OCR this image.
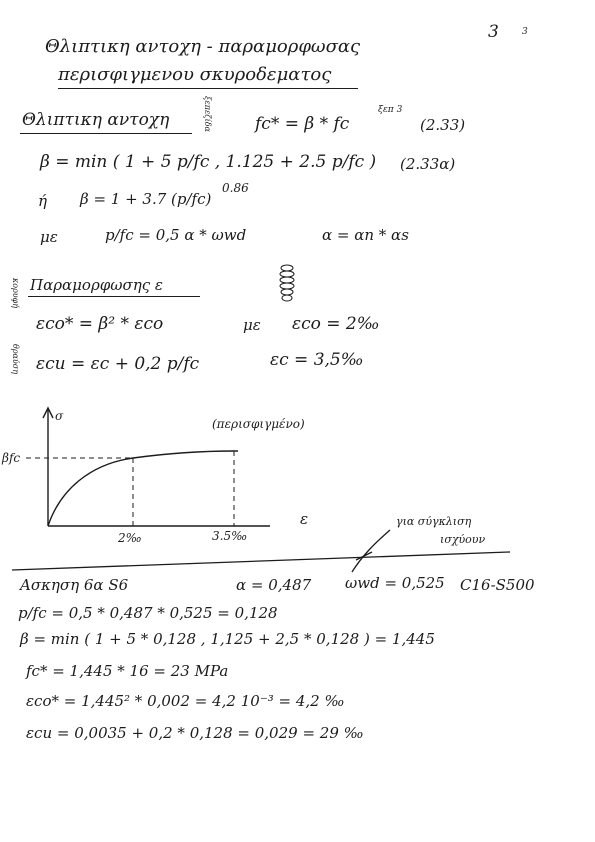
3	3
Θλιπτικη αντοχη - παραμορφωσας
περισφιγμενου σκυροδεματος
Θλιπτικη αντοχη	ξεπεζίδα	fc* = β * fc
ξεπ 3
(2.33)
β = min ( 1 + 5 p/fc , 1.125 + 2.5 p/fc ) (2.33α)
ή β = 1 + 3.7 (p/fc)
0.86
με	p/fc = 0,5 α * ωwd	α = αn * αs
Παραμορφωσης ε
κορυφή
θραύση
εco* = β² * εco	με εco = 2‰
εcu = εc + 0,2 p/fc	εc = 3,5‰
σ
βfc
(περισφιγμένο)
ε
2‰	3.5‰
για σύγκλιση
ισχύουν
Ασκηση 6α S6	α = 0,487 ωwd = 0,525 C16-S500
p/fc = 0,5 * 0,487 * 0,525 = 0,128
β = min ( 1 + 5 * 0,128 , 1,125 + 2,5 * 0,128 ) = 1,445
fc* = 1,445 * 16 = 23 MPa
εco* = 1,445² * 0,002 = 4,2 10⁻³ = 4,2 ‰
εcu = 0,0035 + 0,2 * 0,128 = 0,029 = 29 ‰
